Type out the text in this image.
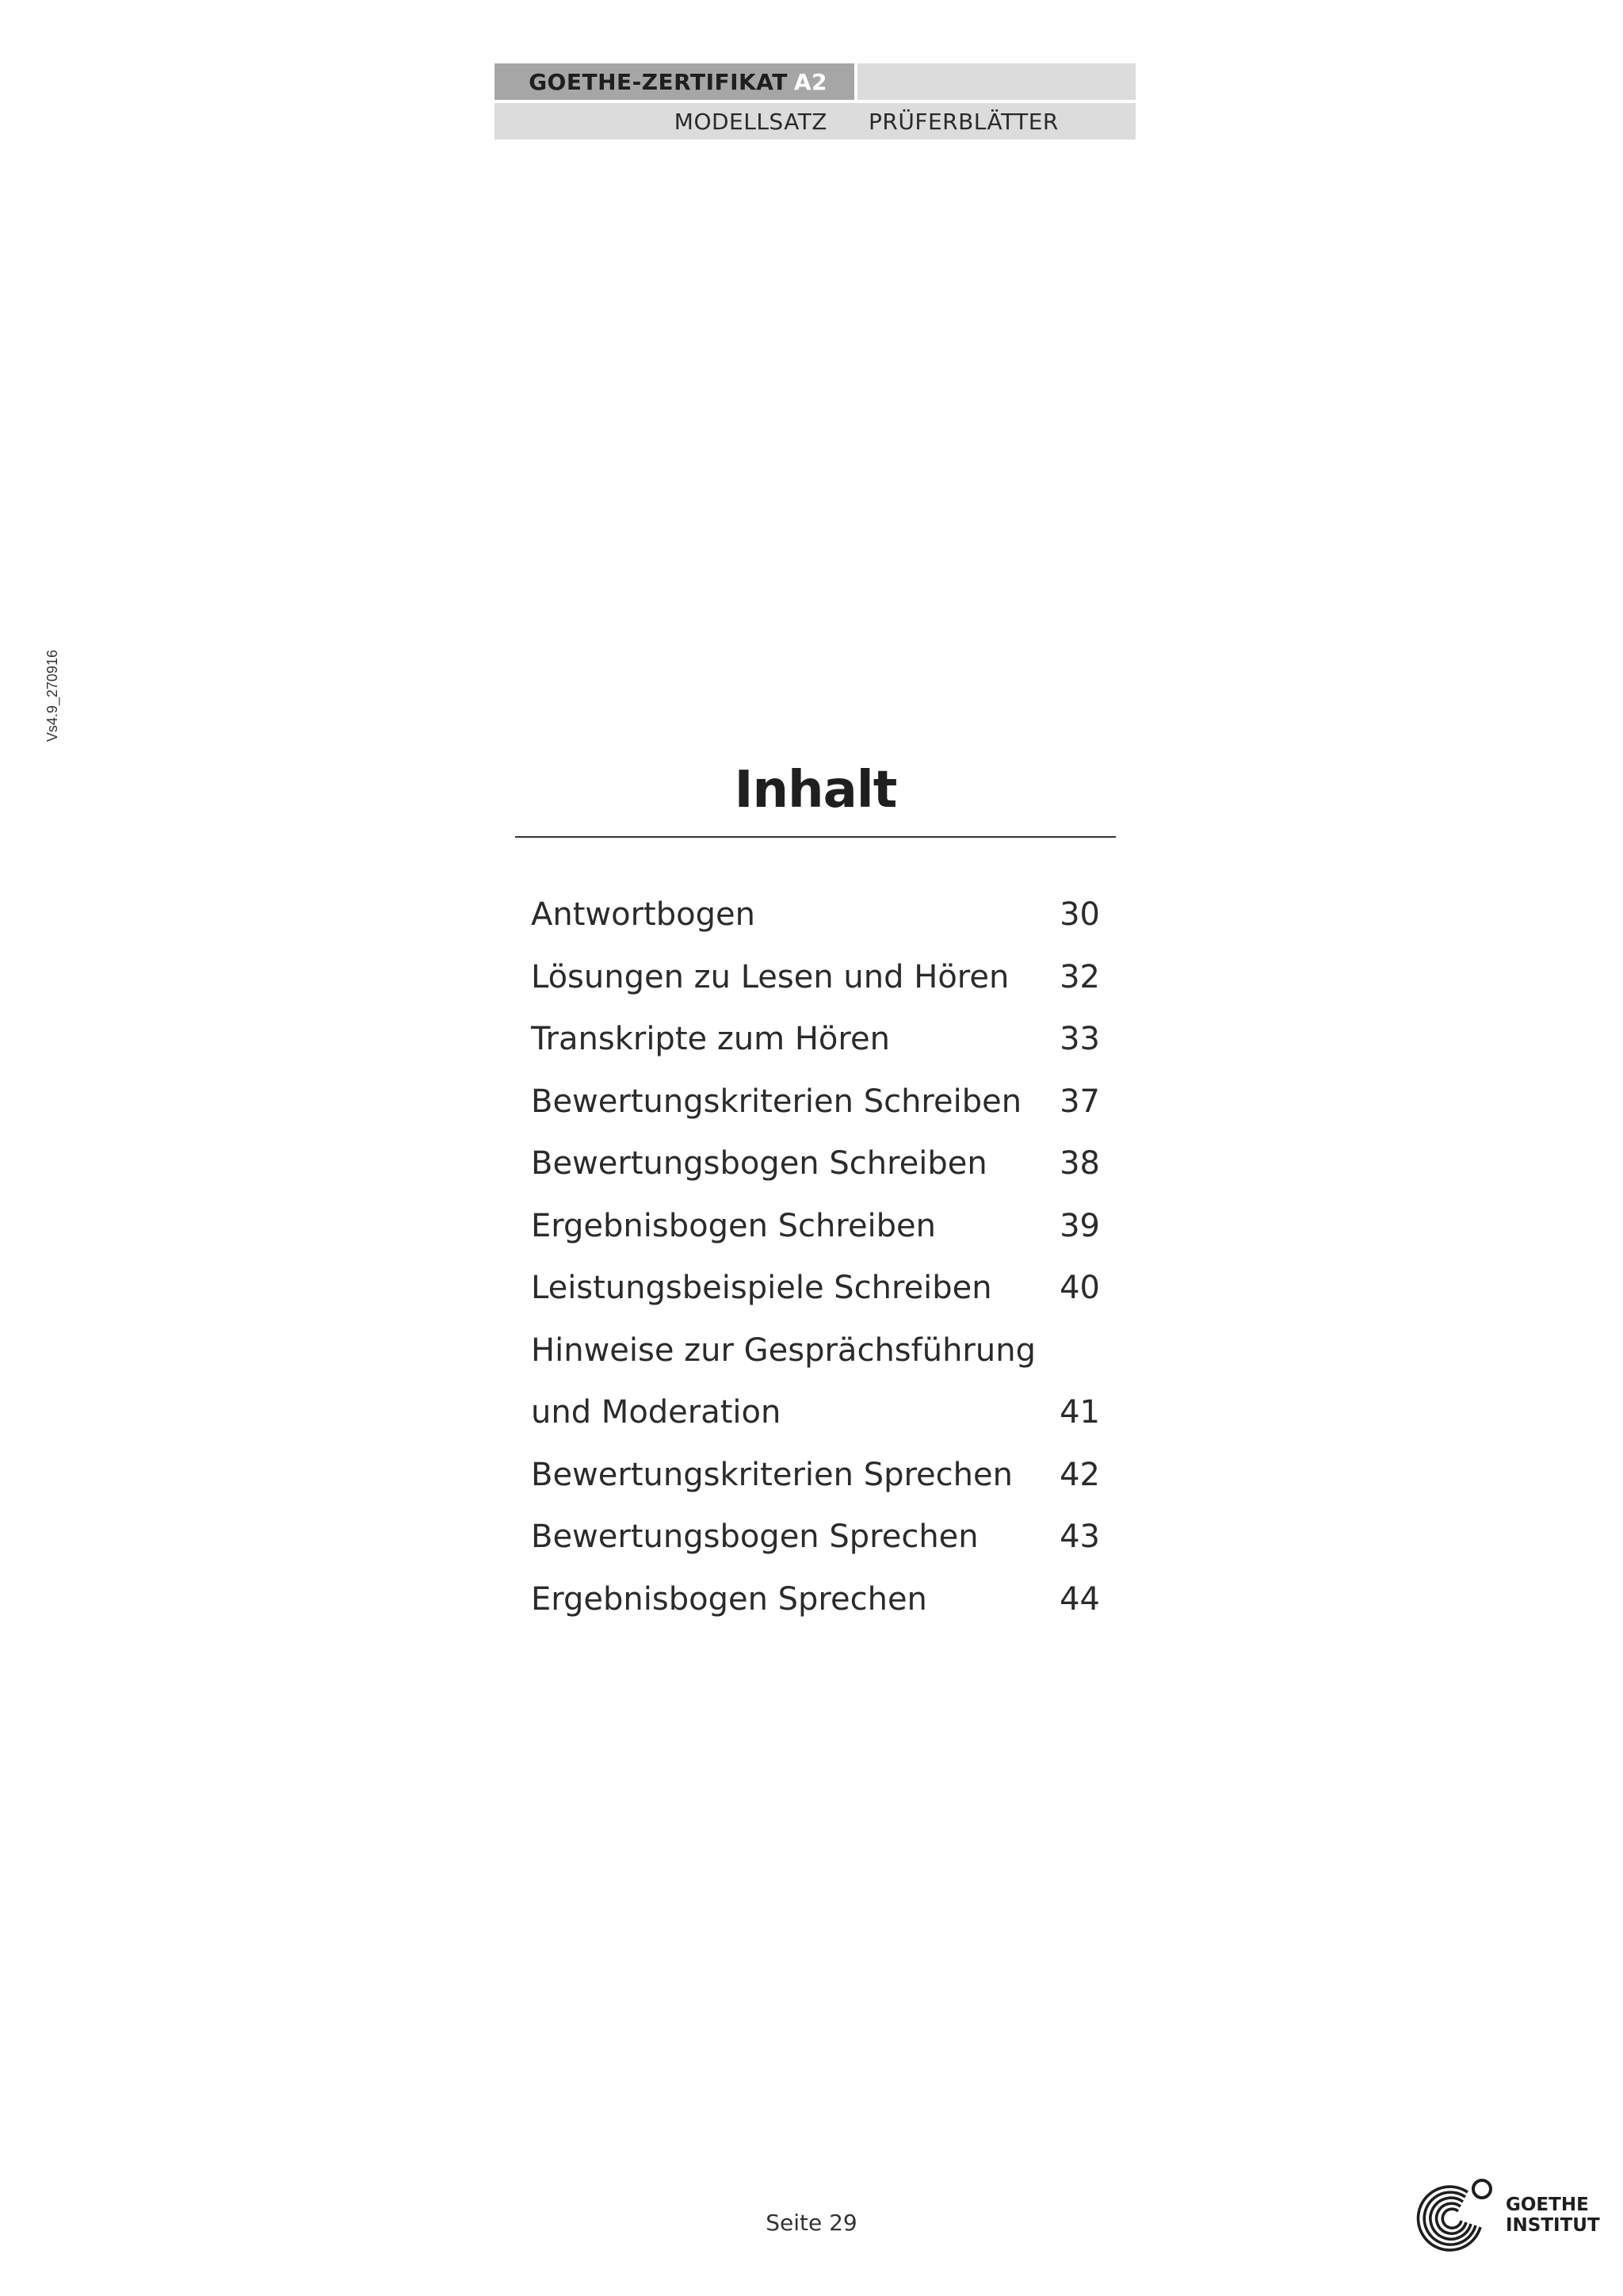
GOETHE-ZERTIFIKAT A2
MODELLSATZ PRÜFERBLÄTTER
Vs4.9_270916
Inhalt
Antwortbogen	30
Lösungen zu Lesen und Hören 32
Transkripte zum Hören	33
Bewertungskriterien Schreiben 37
Bewertungsbogen Schreiben 38
Ergebnisbogen Schreiben	39
Leistungsbeispiele Schreiben 40
Hinweise zur Gesprächsführung
und Moderation	41
Bewertungskriterien Sprechen 42
Bewertungsbogen Sprechen	43
Ergebnisbogen Sprechen	44
Seite 29
GOETHE
INSTITUT
